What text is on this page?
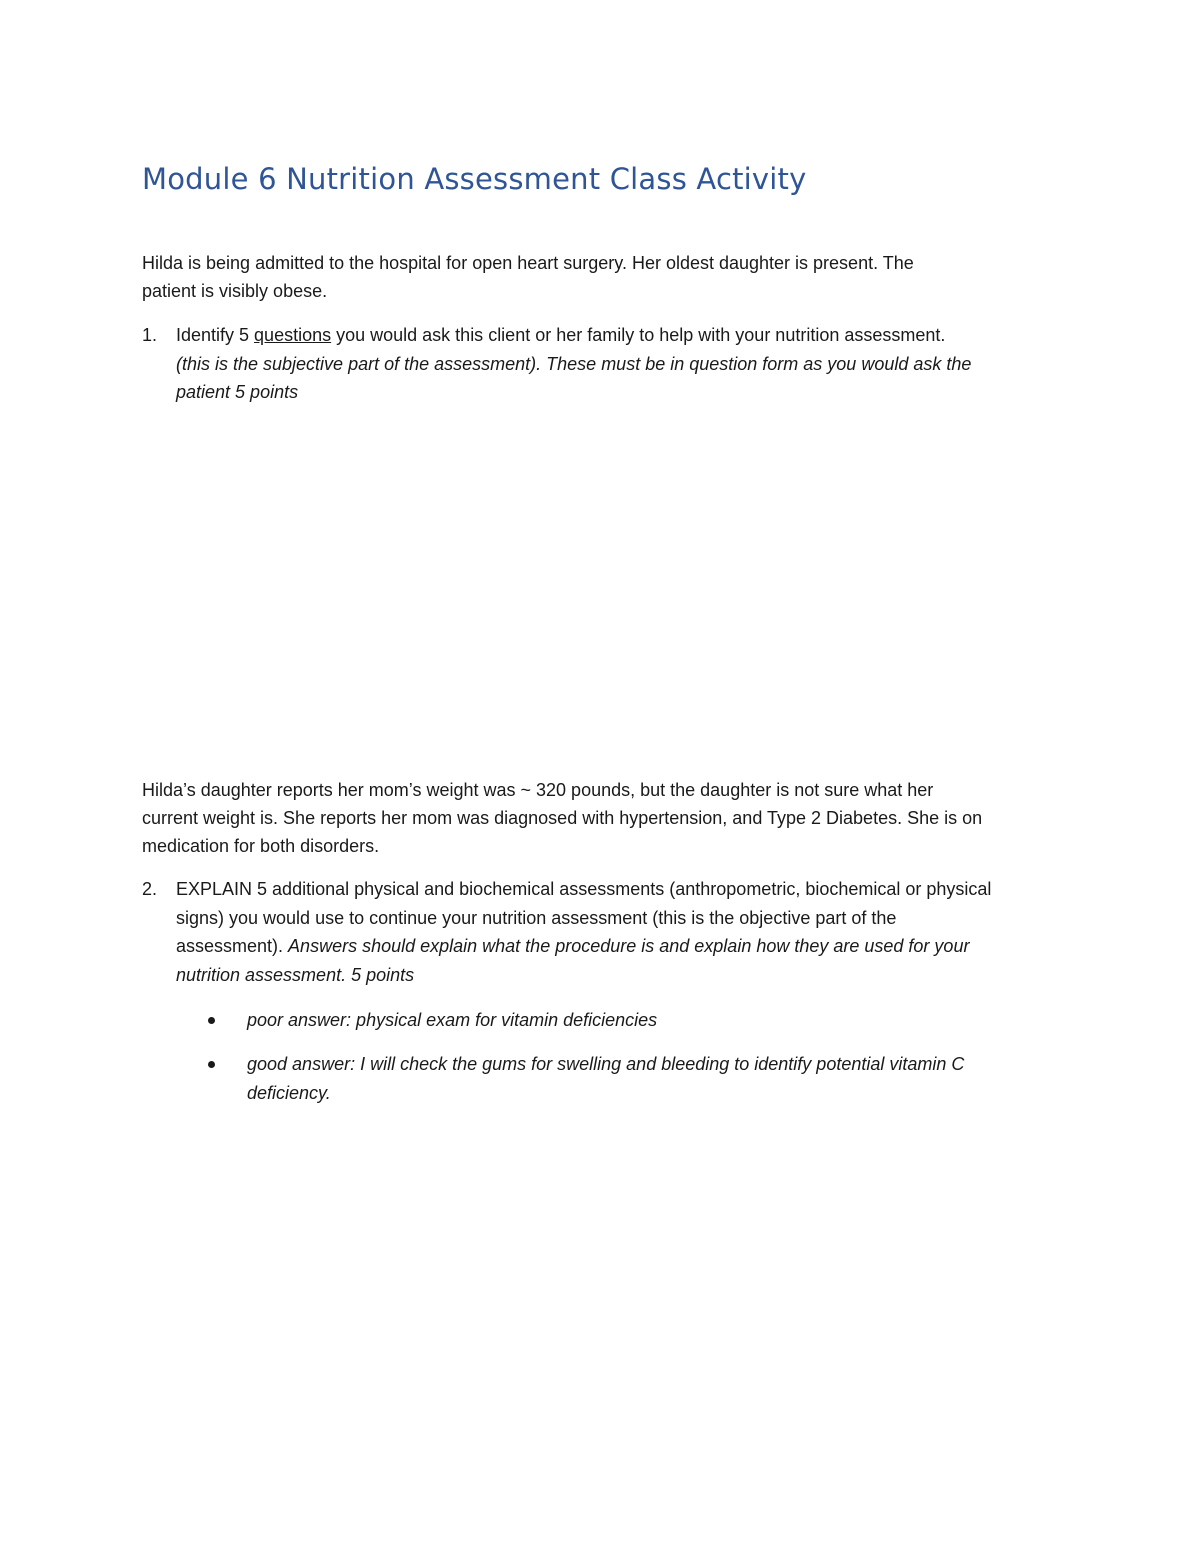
Module 6 Nutrition Assessment Class Activity

Hilda is being admitted to the hospital for open heart surgery. Her oldest daughter is present. The
patient is visibly obese.

1.	Identify 5 questions you would ask this client or her family to help with your nutrition assessment.
(this is the subjective part of the assessment). These must be in question form as you would ask the
patient 5 points

Hilda’s daughter reports her mom’s weight was ~ 320 pounds, but the daughter is not sure what her
current weight is. She reports her mom was diagnosed with hypertension, and Type 2 Diabetes. She is on
medication for both disorders.

2.	EXPLAIN 5 additional physical and biochemical assessments (anthropometric, biochemical or physical
signs) you would use to continue your nutrition assessment (this is the objective part of the
assessment). Answers should explain what the procedure is and explain how they are used for your
nutrition assessment. 5 points
poor answer: physical exam for vitamin deficiencies
good answer: I will check the gums for swelling and bleeding to identify potential vitamin C
deficiency.
